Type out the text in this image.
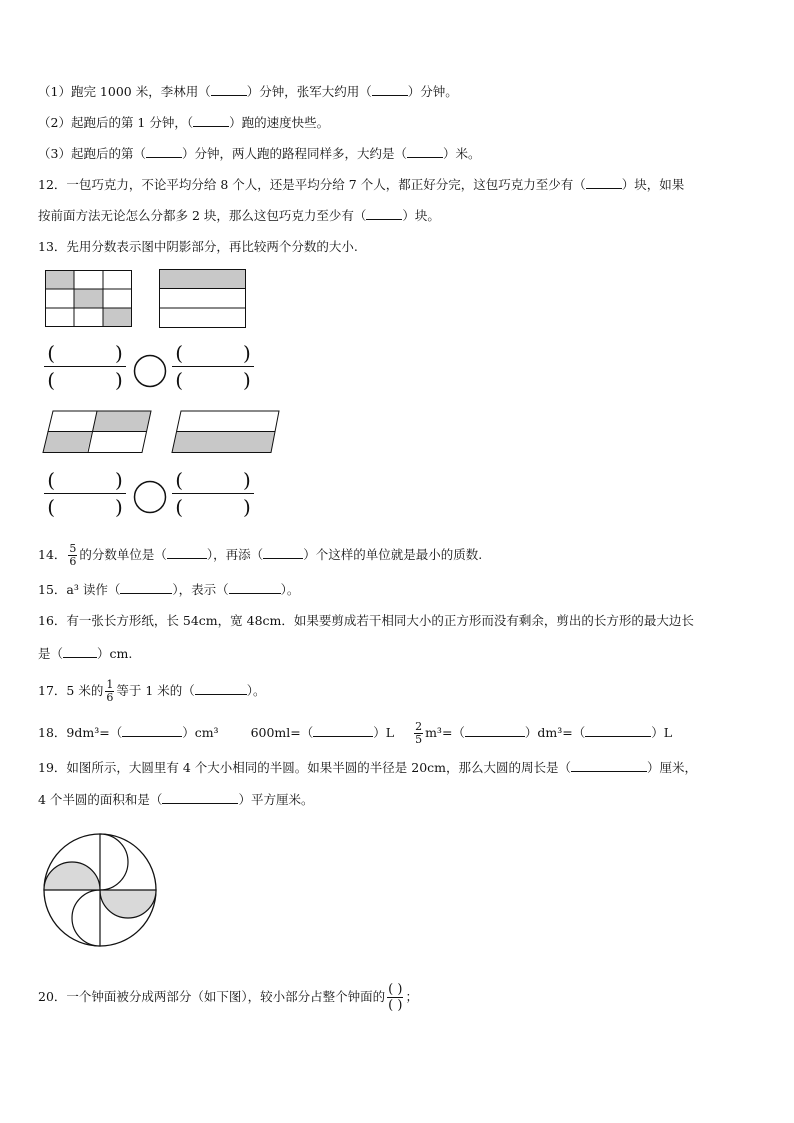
（1）跑完 1000 米，李林用（	）分钟，张军大约用（	）分钟。
（2）起跑后的第 1 分钟，（	）跑的速度快些。
（3）起跑后的第（	）分钟，两人跑的路程同样多，大约是（	）米。
12．一包巧克力，不论平均分给 8 个人，还是平均分给 7 个人，都正好分完，这包巧克力至少有（	）块，如果
按前面方法无论怎么分都多 2 块，那么这包巧克力至少有（	）块。
13．先用分数表示图中阴影部分，再比较两个分数的大小.
(　　　)
(　　　)
(　　　)
(　　　)
(　　　)
(　　　)
(　　　)
(　　　)
14． $\frac{5}{6}$ 的分数单位是（	），再添（	）个这样的单位就是最小的质数.
15．a³ 读作（	），表示（	）。
16．有一张长方形纸，长 54cm，宽 48cm．如果要剪成若干相同大小的正方形而没有剩余，剪出的长方形的最大边长
是（	）cm.
17．5 米的 $\frac{1}{6}$ 等于 1 米的（	）。
18．9dm³=（	）cm³	600ml=（	）$L \frac{2}{5} m^3=$（	）dm³=（	）L
19．如图所示，大圆里有 4 个大小相同的半圆。如果半圆的半径是 20cm，那么大圆的周长是（	）厘米，
4 个半圆的面积和是（	）平方厘米。
20．一个钟面被分成两部分（如下图），较小部分占整个钟面的 $\frac{( )}{( )}$ ；
